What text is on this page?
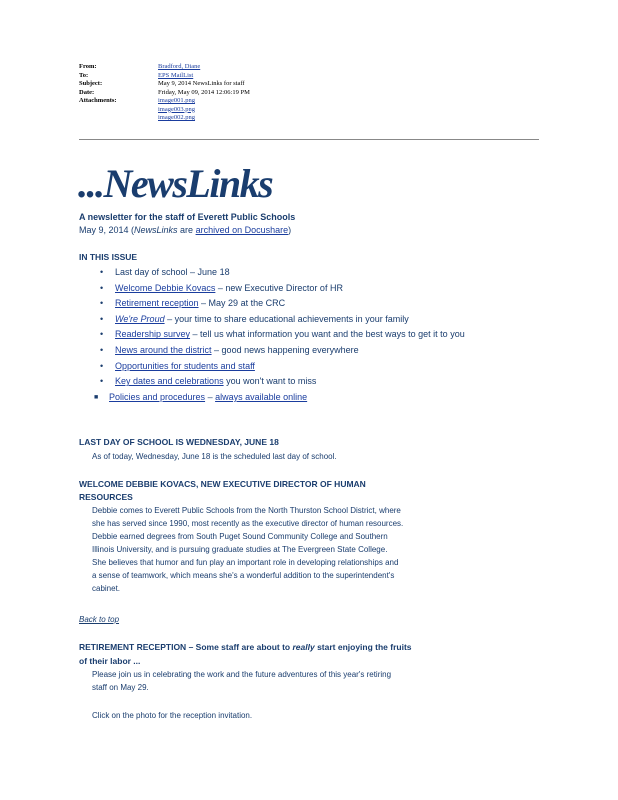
From:	Bradford, Diane
To:	EPS MailList
Subject:	May 9, 2014 NewsLinks for staff
Date:	Friday, May 09, 2014 12:06:19 PM
Attachments:	image001.png
image003.png
image002.png
...NewsLinks
A newsletter for the staff of Everett Public Schools
May 9, 2014 (NewsLinks are archived on Docushare)
IN THIS ISSUE
• Last day of school – June 18
• Welcome Debbie Kovacs – new Executive Director of HR
• Retirement reception – May 29 at the CRC
• We're Proud – your time to share educational achievements in your family
• Readership survey – tell us what information you want and the best ways to get it to you
• News around the district – good news happening everywhere
• Opportunities for students and staff
• Key dates and celebrations you won't want to miss
■ Policies and procedures – always available online
LAST DAY OF SCHOOL IS WEDNESDAY, JUNE 18
As of today, Wednesday, June 18 is the scheduled last day of school.
WELCOME DEBBIE KOVACS, NEW EXECUTIVE DIRECTOR OF HUMAN
RESOURCES
Debbie comes to Everett Public Schools from the North Thurston School District, where
she has served since 1990, most recently as the executive director of human resources.
Debbie earned degrees from South Puget Sound Community College and Southern
Illinois University, and is pursuing graduate studies at The Evergreen State College.
She believes that humor and fun play an important role in developing relationships and
a sense of teamwork, which means she's a wonderful addition to the superintendent's
cabinet.
Back to top
RETIREMENT RECEPTION – Some staff are about to really start enjoying the fruits
of their labor ...
Please join us in celebrating the work and the future adventures of this year's retiring
staff on May 29.
Click on the photo for the reception invitation.
